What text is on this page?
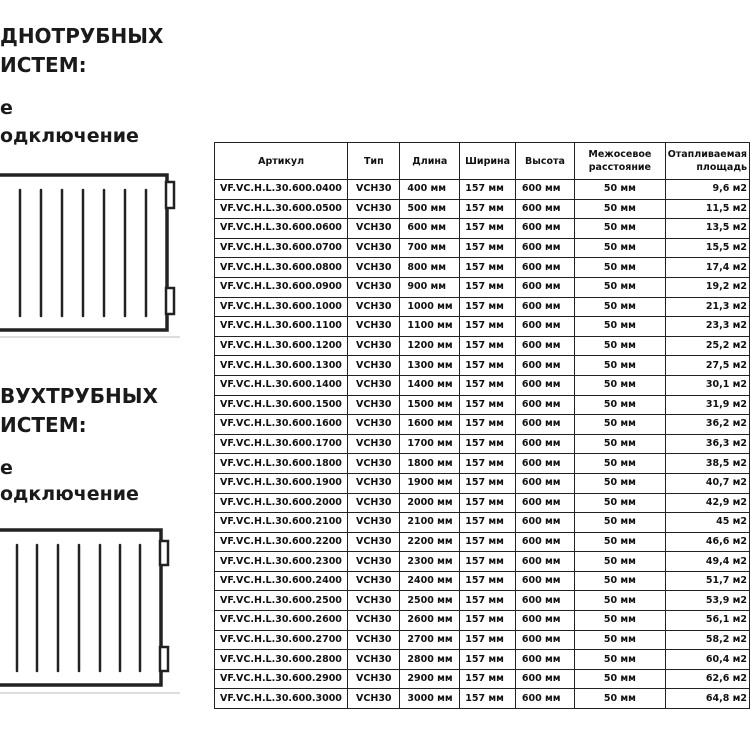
ДНОТРУБНЫХ
ИСТЕМ:
е
одключение
ВУХТРУБНЫХ
ИСТЕМ:
е
одключение
Артикул	Тип	Длина	Ширина	Высота	Межосевое расстояние	Отапливаемая площадь
VF.VC.H.L.30.600.0400	VCH30	400 мм	157 мм	600 мм	50 мм	9,6 м2
VF.VC.H.L.30.600.0500	VCH30	500 мм	157 мм	600 мм	50 мм	11,5 м2
VF.VC.H.L.30.600.0600	VCH30	600 мм	157 мм	600 мм	50 мм	13,5 м2
VF.VC.H.L.30.600.0700	VCH30	700 мм	157 мм	600 мм	50 мм	15,5 м2
VF.VC.H.L.30.600.0800	VCH30	800 мм	157 мм	600 мм	50 мм	17,4 м2
VF.VC.H.L.30.600.0900	VCH30	900 мм	157 мм	600 мм	50 мм	19,2 м2
VF.VC.H.L.30.600.1000	VCH30	1000 мм	157 мм	600 мм	50 мм	21,3 м2
VF.VC.H.L.30.600.1100	VCH30	1100 мм	157 мм	600 мм	50 мм	23,3 м2
VF.VC.H.L.30.600.1200	VCH30	1200 мм	157 мм	600 мм	50 мм	25,2 м2
VF.VC.H.L.30.600.1300	VCH30	1300 мм	157 мм	600 мм	50 мм	27,5 м2
VF.VC.H.L.30.600.1400	VCH30	1400 мм	157 мм	600 мм	50 мм	30,1 м2
VF.VC.H.L.30.600.1500	VCH30	1500 мм	157 мм	600 мм	50 мм	31,9 м2
VF.VC.H.L.30.600.1600	VCH30	1600 мм	157 мм	600 мм	50 мм	36,2 м2
VF.VC.H.L.30.600.1700	VCH30	1700 мм	157 мм	600 мм	50 мм	36,3 м2
VF.VC.H.L.30.600.1800	VCH30	1800 мм	157 мм	600 мм	50 мм	38,5 м2
VF.VC.H.L.30.600.1900	VCH30	1900 мм	157 мм	600 мм	50 мм	40,7 м2
VF.VC.H.L.30.600.2000	VCH30	2000 мм	157 мм	600 мм	50 мм	42,9 м2
VF.VC.H.L.30.600.2100	VCH30	2100 мм	157 мм	600 мм	50 мм	45 м2
VF.VC.H.L.30.600.2200	VCH30	2200 мм	157 мм	600 мм	50 мм	46,6 м2
VF.VC.H.L.30.600.2300	VCH30	2300 мм	157 мм	600 мм	50 мм	49,4 м2
VF.VC.H.L.30.600.2400	VCH30	2400 мм	157 мм	600 мм	50 мм	51,7 м2
VF.VC.H.L.30.600.2500	VCH30	2500 мм	157 мм	600 мм	50 мм	53,9 м2
VF.VC.H.L.30.600.2600	VCH30	2600 мм	157 мм	600 мм	50 мм	56,1 м2
VF.VC.H.L.30.600.2700	VCH30	2700 мм	157 мм	600 мм	50 мм	58,2 м2
VF.VC.H.L.30.600.2800	VCH30	2800 мм	157 мм	600 мм	50 мм	60,4 м2
VF.VC.H.L.30.600.2900	VCH30	2900 мм	157 мм	600 мм	50 мм	62,6 м2
VF.VC.H.L.30.600.3000	VCH30	3000 мм	157 мм	600 мм	50 мм	64,8 м2
